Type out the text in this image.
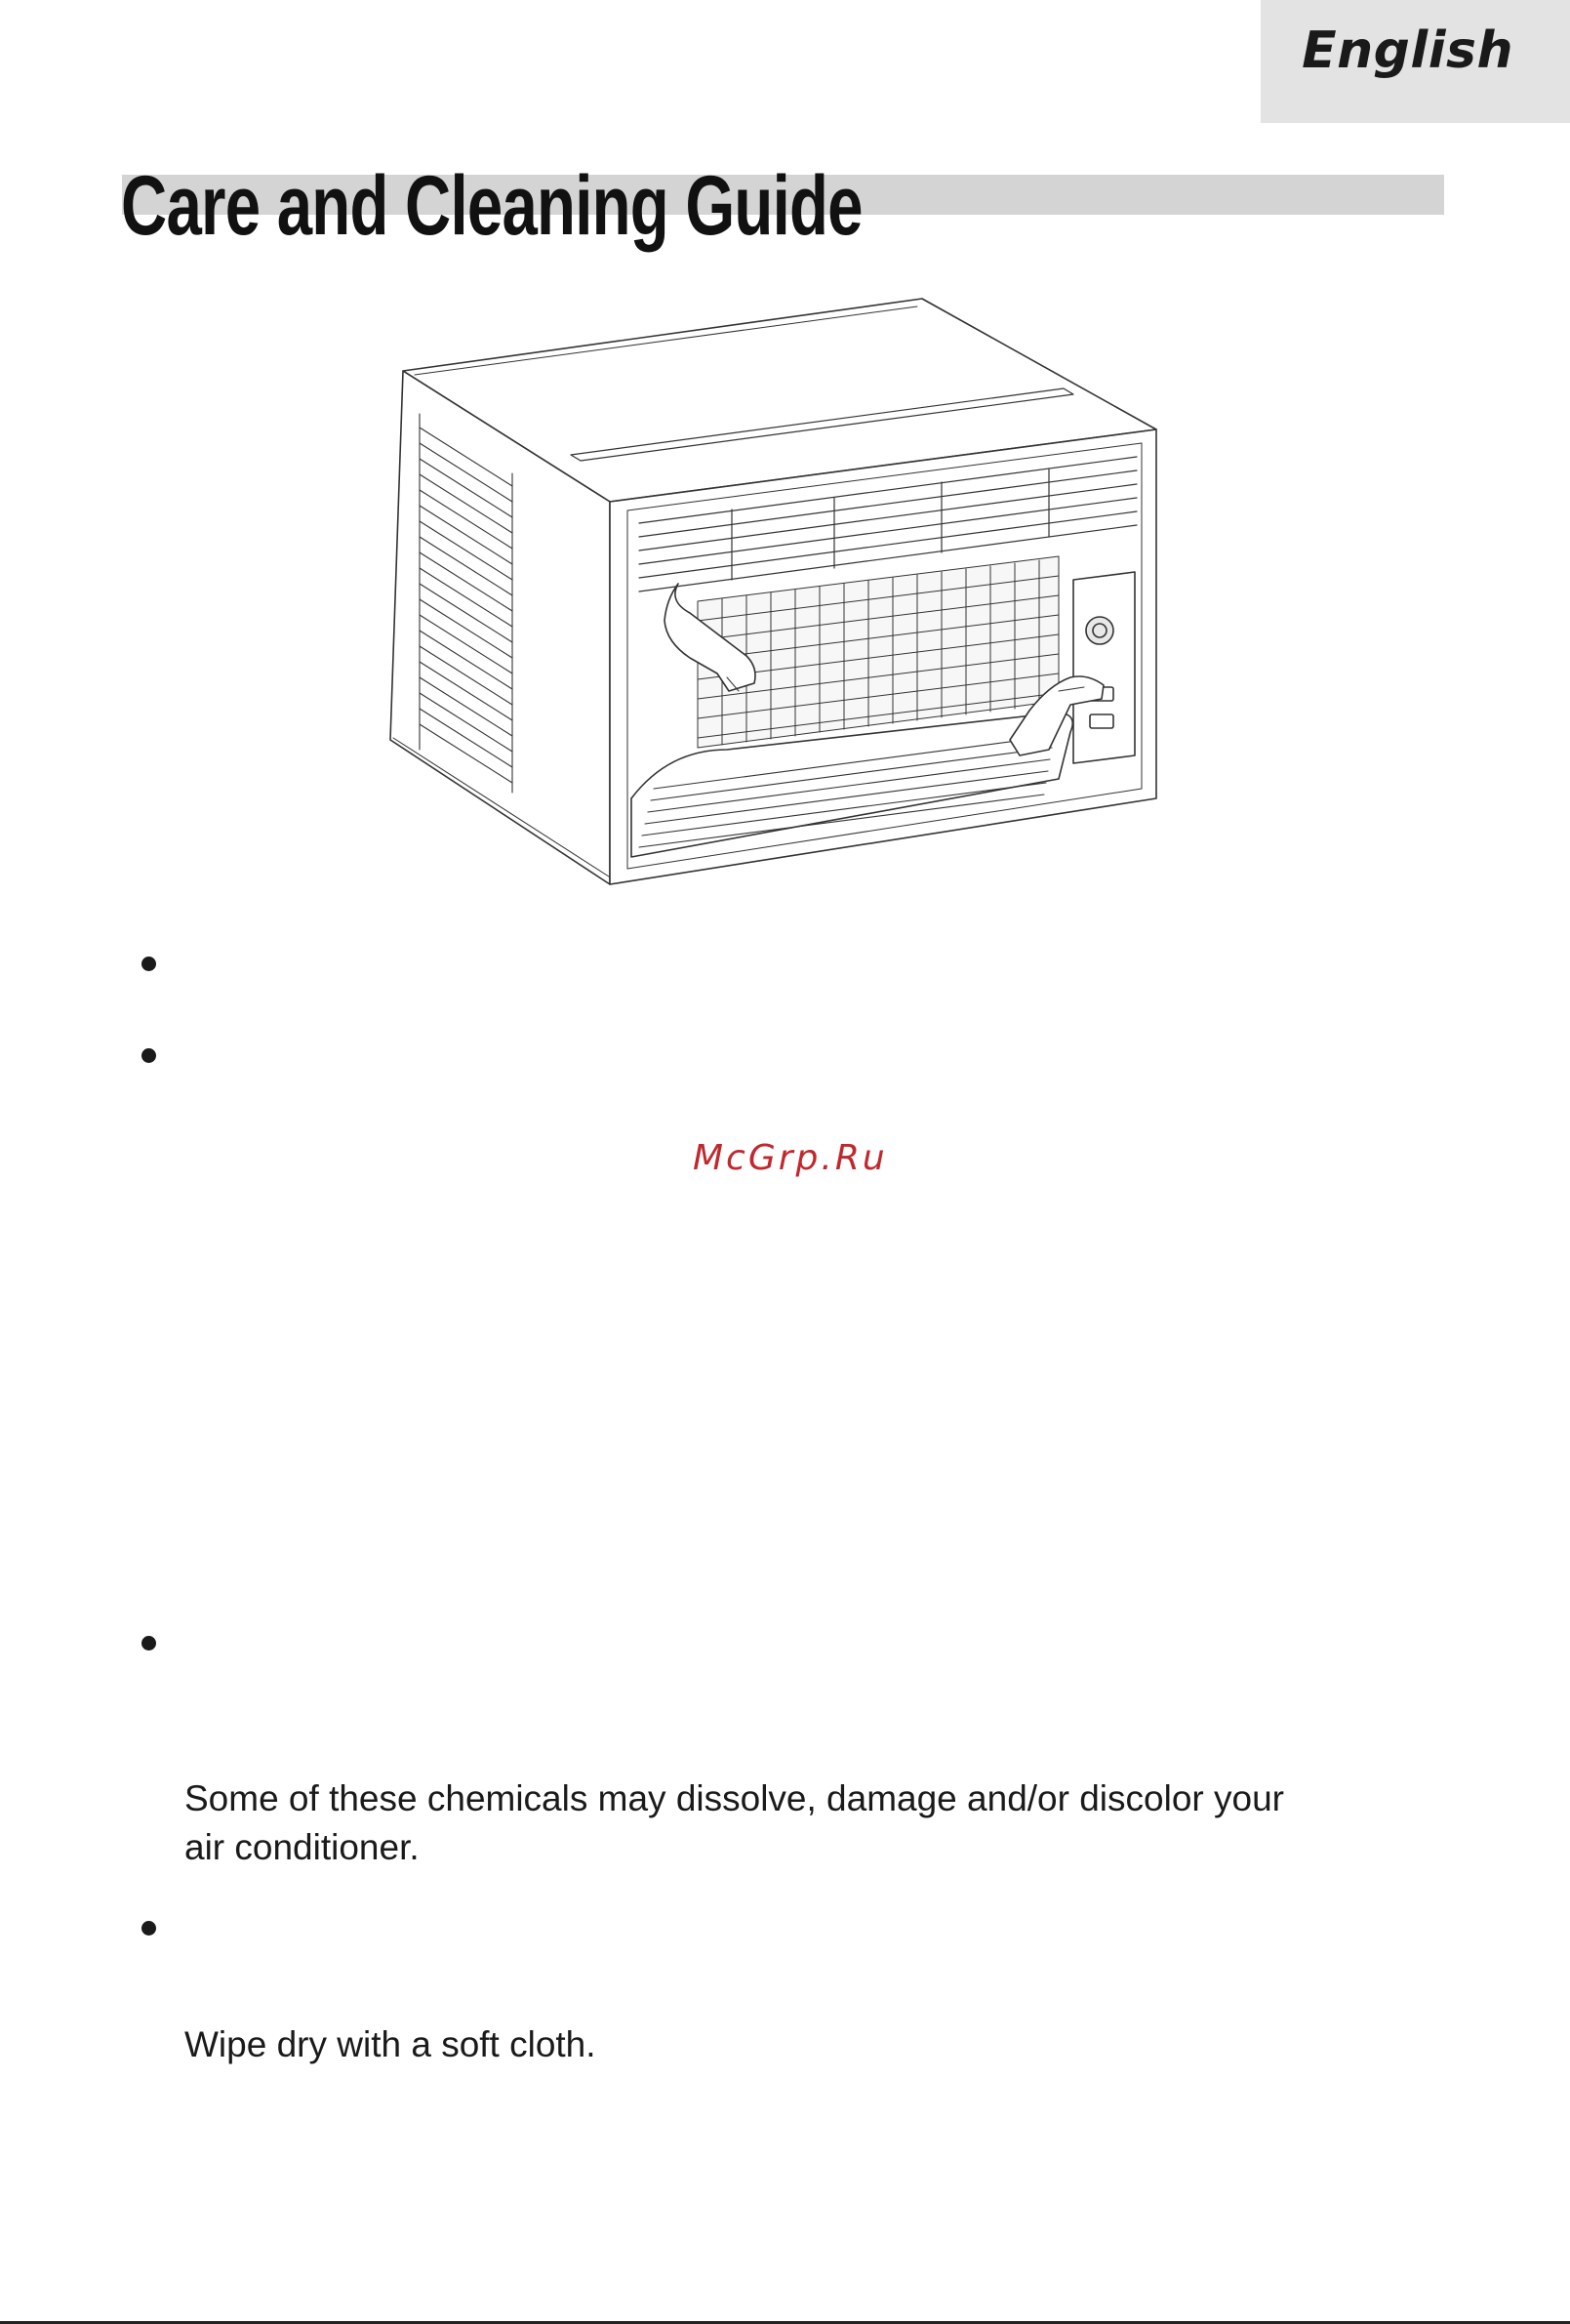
English
Care and Cleaning Guide
McGrp.Ru

Some of these chemicals may dissolve, damage and/or discolor your
air conditioner.

Wipe dry with a soft cloth.
